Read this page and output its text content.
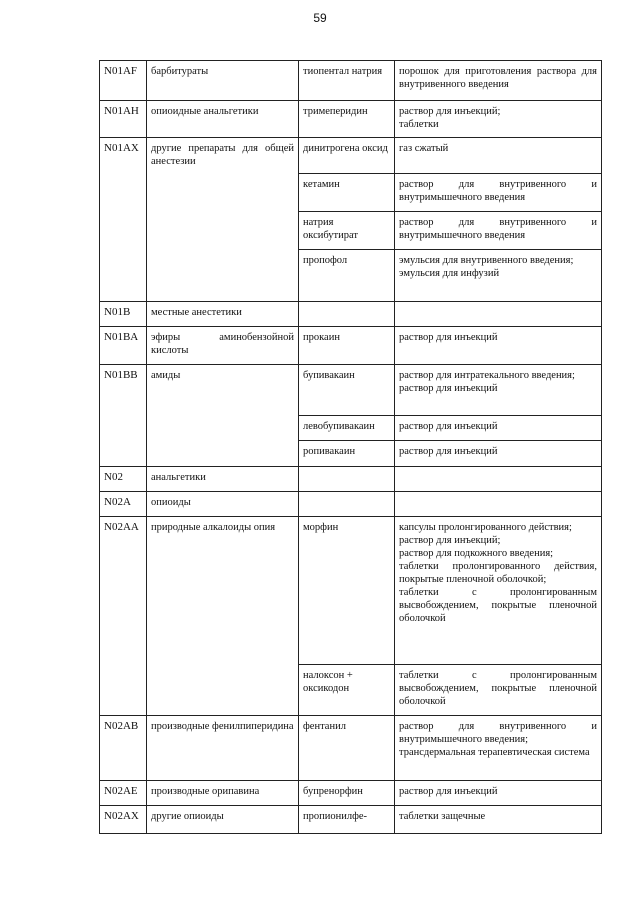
59
N01AF	барбитураты	тиопентал натрия	порошок для приготовления раствора для внутривенного введения
N01AH	опиоидные анальгетики	тримеперидин	раствор для инъекций;
таблетки

N01AX	другие препараты для общей анестезии	динитрогена оксид	газ сжатый
		кетамин	раствор для внутривенного и внутримышечного введения
		натрия оксибутират	раствор для внутривенного и внутримышечного введения
		пропофол	эмульсия для внутривенного введения;
эмульсия для инфузий

N01B	местные анестетики		
N01BA	эфиры аминобензойной кислоты	прокаин	раствор для инъекций
N01BB	амиды	бупивакаин	раствор для интратекального введения;
раствор для инъекций

		левобупивакаин	раствор для инъекций
		ропивакаин	раствор для инъекций
N02	анальгетики		
N02A	опиоиды		
N02AA	природные алкалоиды опия	морфин	капсулы пролонгированного действия;
раствор для инъекций;
раствор для подкожного введения;
таблетки пролонгированного действия, покрытые пленочной оболочкой;
таблетки с пролонгированным высвобождением, покрытые пленочной оболочкой

		налоксон + оксикодон	таблетки с пролонгированным высвобождением, покрытые пленочной оболочкой
N02AB	производные фенилпиперидина	фентанил	раствор для внутривенного и внутримышечного введения;
трансдермальная терапевтическая система

N02AE	производные орипавина	бупренорфин	раствор для инъекций
N02AX	другие опиоиды	пропионилфе-	таблетки защечные
